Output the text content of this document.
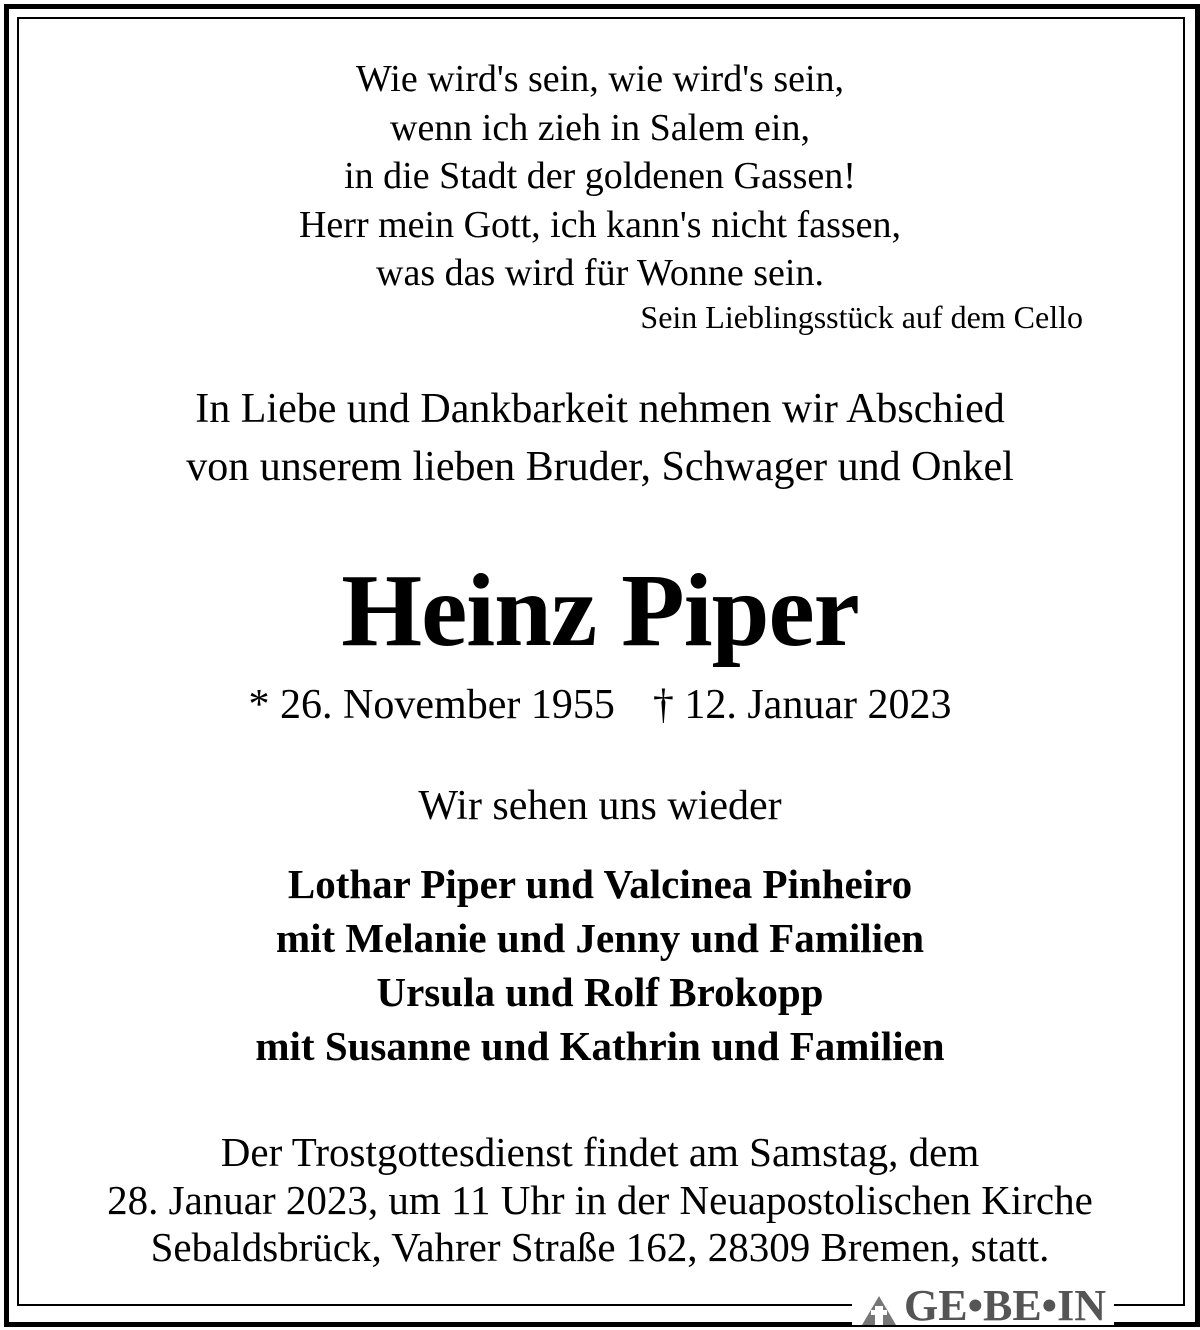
Wie wird's sein, wie wird's sein,
wenn ich zieh in Salem ein,
in die Stadt der goldenen Gassen!
Herr mein Gott, ich kann's nicht fassen,
was das wird für Wonne sein.
Sein Lieblingsstück auf dem Cello
In Liebe und Dankbarkeit nehmen wir Abschied
von unserem lieben Bruder, Schwager und Onkel
Heinz Piper
* 26. November 1955 † 12. Januar 2023
Wir sehen uns wieder
Lothar Piper und Valcinea Pinheiro
mit Melanie und Jenny und Familien
Ursula und Rolf Brokopp
mit Susanne und Kathrin und Familien
Der Trostgottesdienst findet am Samstag, dem
28. Januar 2023, um 11 Uhr in der Neuapostolischen Kirche
Sebaldsbrück, Vahrer Straße 162, 28309 Bremen, statt.
GE•BE•IN
